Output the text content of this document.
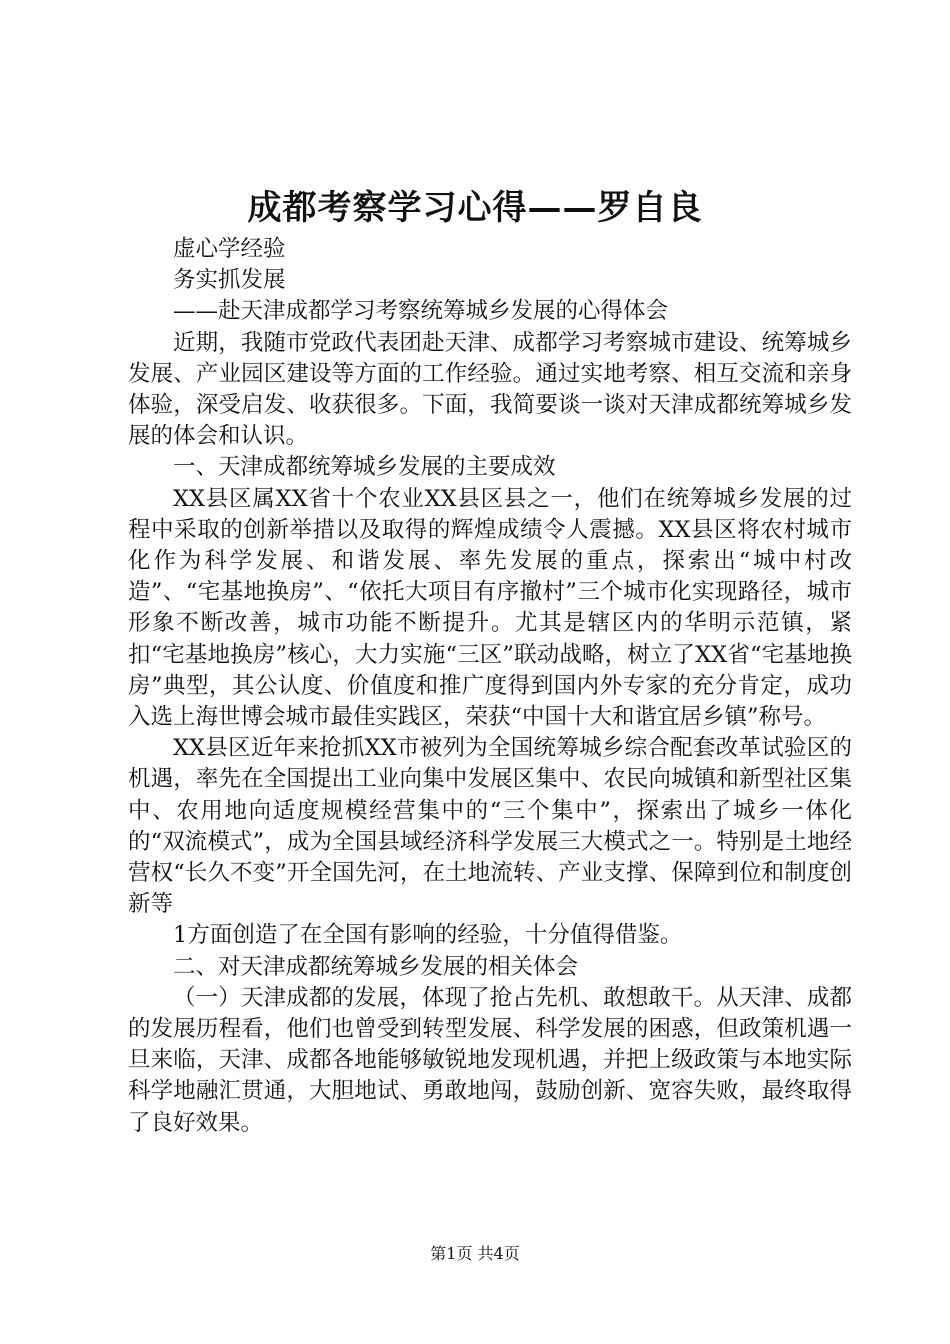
成都考察学习心得——罗自良

虚心学经验

务实抓发展

——赴天津成都学习考察统筹城乡发展的心得体会

近期，我随市党政代表团赴天津、成都学习考察城市建设、统筹城乡发展、产业园区建设等方面的工作经验。通过实地考察、相互交流和亲身体验，深受启发、收获很多。下面，我简要谈一谈对天津成都统筹城乡发展的体会和认识。

一、天津成都统筹城乡发展的主要成效

XX县区属XX省十个农业XX县区县之一，他们在统筹城乡发展的过程中采取的创新举措以及取得的辉煌成绩令人震撼。XX县区将农村城市化作为科学发展、和谐发展、率先发展的重点，探索出“城中村改造”、“宅基地换房”、“依托大项目有序撤村”三个城市化实现路径，城市形象不断改善，城市功能不断提升。尤其是辖区内的华明示范镇，紧扣“宅基地换房”核心，大力实施“三区”联动战略，树立了XX省“宅基地换房”典型，其公认度、价值度和推广度得到国内外专家的充分肯定，成功入选上海世博会城市最佳实践区，荣获“中国十大和谐宜居乡镇”称号。

XX县区近年来抢抓XX市被列为全国统筹城乡综合配套改革试验区的机遇，率先在全国提出工业向集中发展区集中、农民向城镇和新型社区集中、农用地向适度规模经营集中的“三个集中”，探索出了城乡一体化的“双流模式”，成为全国县域经济科学发展三大模式之一。特别是土地经营权“长久不变”开全国先河，在土地流转、产业支撑、保障到位和制度创新等

1方面创造了在全国有影响的经验，十分值得借鉴。

二、对天津成都统筹城乡发展的相关体会

（一）天津成都的发展，体现了抢占先机、敢想敢干。从天津、成都的发展历程看，他们也曾受到转型发展、科学发展的困惑，但政策机遇一旦来临，天津、成都各地能够敏锐地发现机遇，并把上级政策与本地实际科学地融汇贯通，大胆地试、勇敢地闯，鼓励创新、宽容失败，最终取得了良好效果。

第1页 共4页
